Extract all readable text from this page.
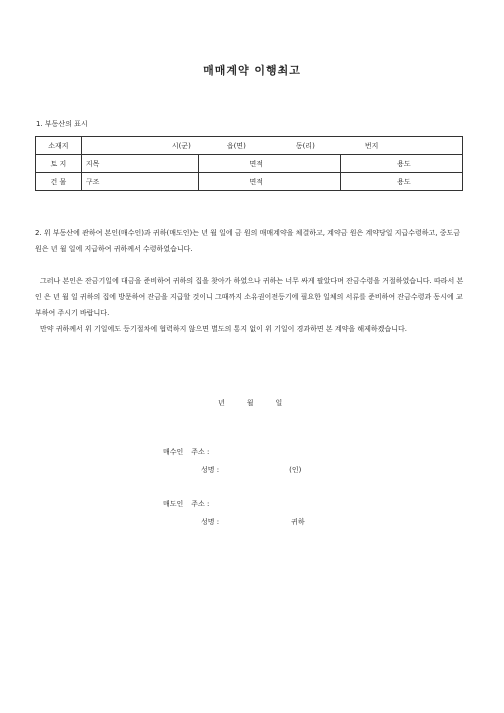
매매계약 이행최고
1. 부동산의 표시
소재지	시(군) 읍(면) 동(리) 번지		
토 지	지목	면적	용도
건 물	구조	면적	용도

2. 위 부동산에 관하여 본인(매수인)과 귀하(매도인)는 년 월 일에 금 원의 매매계약을 체결하고, 계약금 원은 계약당일 지급수령하고, 중도금 원은 년 월 일에 지급하여 귀하께서 수령하였습니다.

그러나 본인은 잔금기일에 대금을 준비하여 귀하의 집을 찾아가 하였으나 귀하는 너무 싸게 팔았다며 잔금수령을 거절하였습니다. 따라서 본인 은 년 월 일 귀하의 집에 방문하여 잔금을 지급할 것이니 그때까지 소유권이전등기에 필요한 일체의 서류를 준비하여 잔금수령과 동시에 교부하여 주시기 바랍니다.

만약 귀하께서 위 기일에도 등기절차에 협력하지 않으면 별도의 통지 없이 위 기일이 경과하면 본 계약을 해제하겠습니다.

년	월	일
매수인 주소 :
성명 :	(인)
매도인 주소 :
성명 :	귀하
